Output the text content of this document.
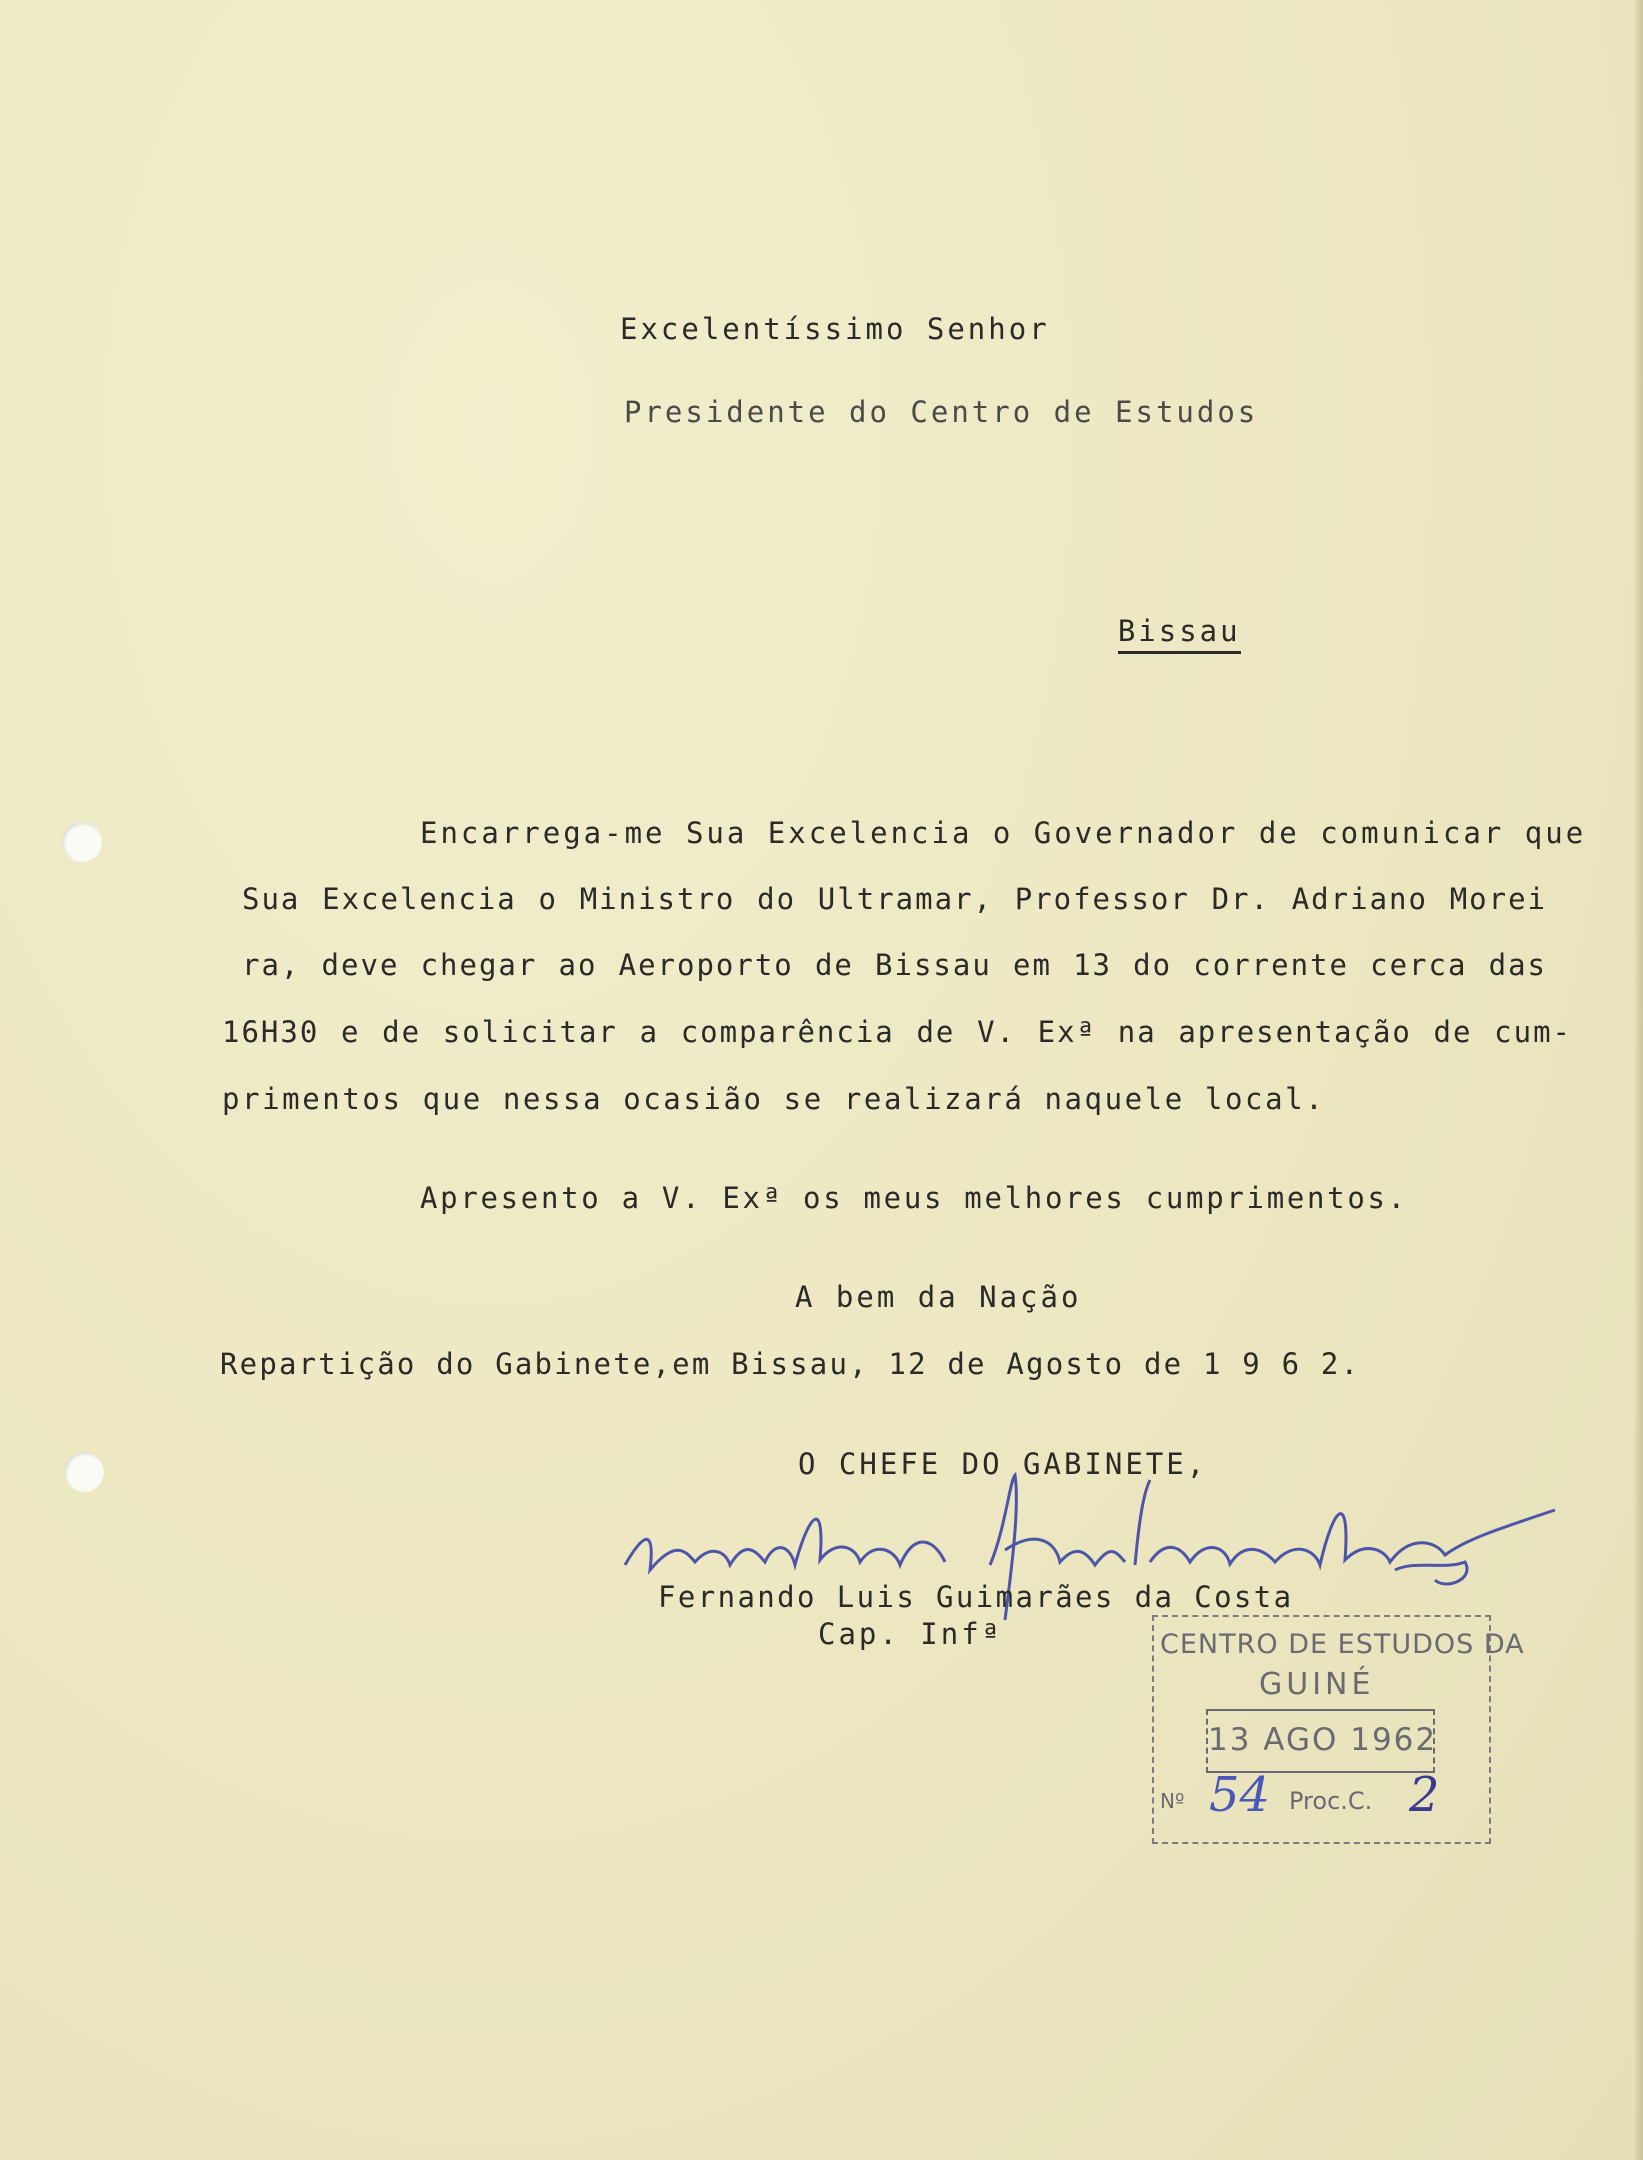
Excelentíssimo Senhor
Presidente do Centro de Estudos

Bissau

Encarrega-me Sua Excelencia o Governador de comunicar que
Sua Excelencia o Ministro do Ultramar, Professor Dr. Adriano Morei
ra, deve chegar ao Aeroporto de Bissau em 13 do corrente cerca das
16H30 e de solicitar a comparência de V. Exª na apresentação de cum-
primentos que nessa ocasião se realizará naquele local.
Apresento a V. Exª os meus melhores cumprimentos.
A bem da Nação
Repartição do Gabinete,em Bissau, 12 de Agosto de 1 9 6 2.
O CHEFE DO GABINETE,
Fernando Luis Guimarães da Costa
Cap. Infª	CENTRO DE ESTUDOS DA
GUINÉ
13 AGO 1962
Nº 54 Proc.C. 2
